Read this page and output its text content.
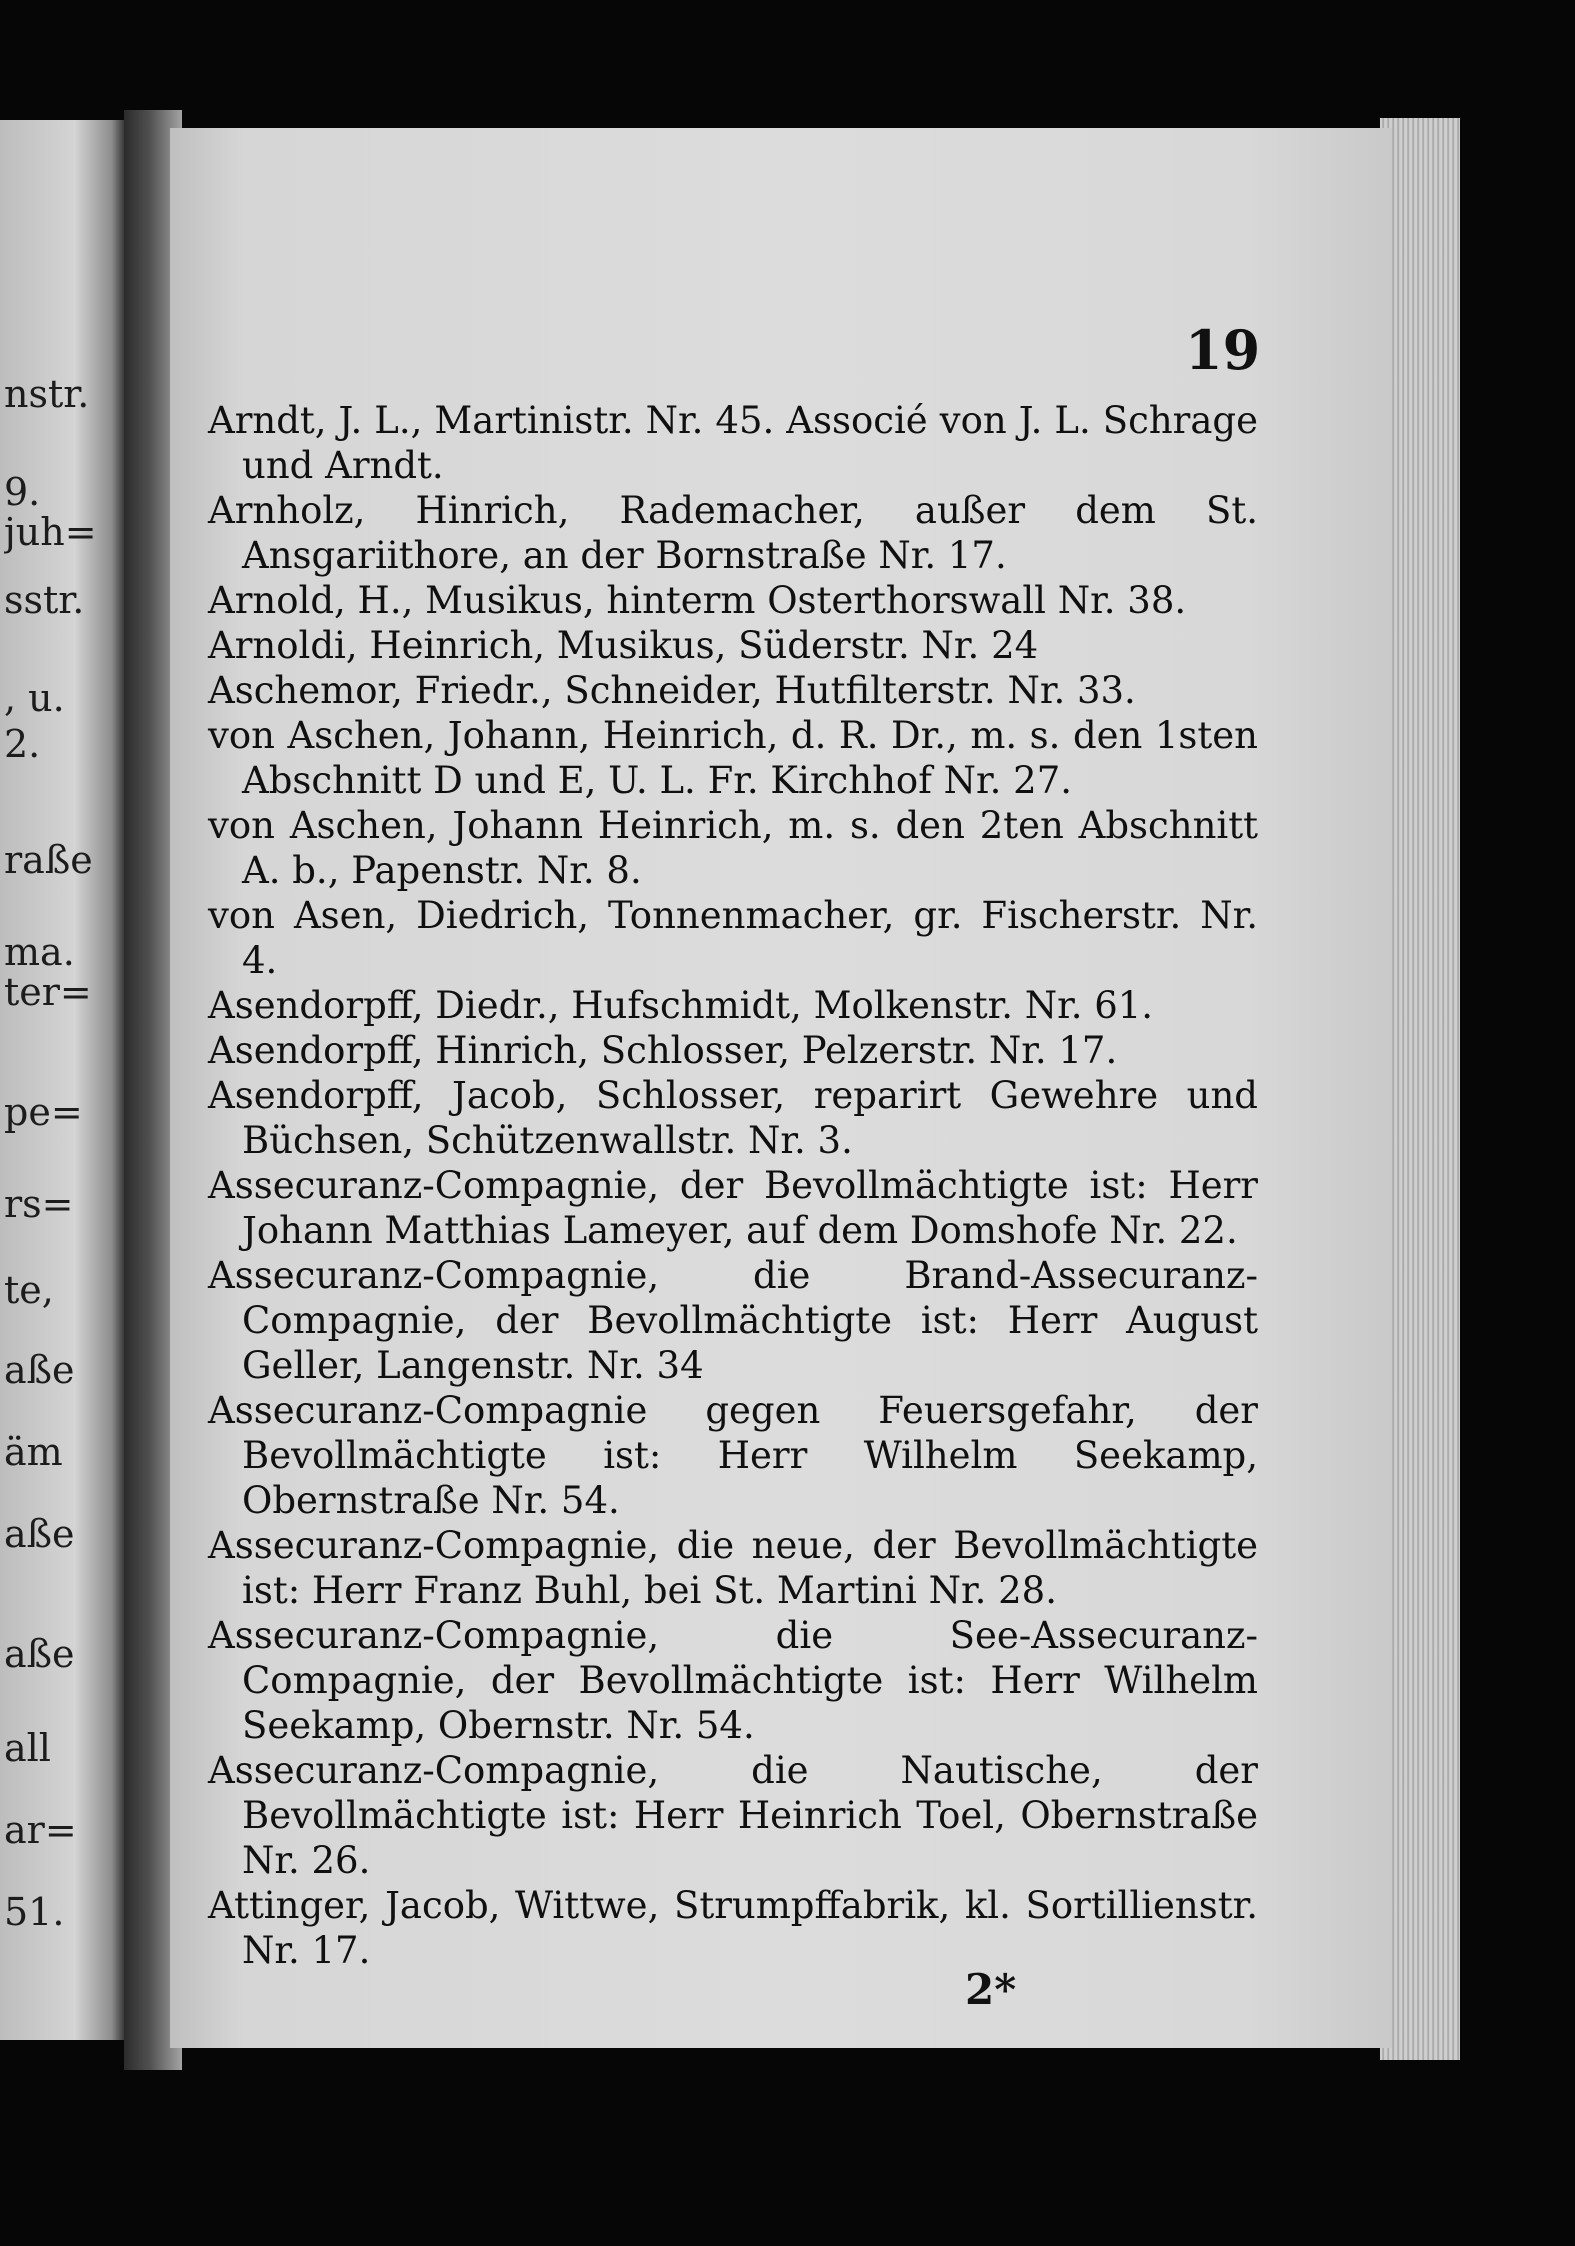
nstr.
9.
juh=
sstr.
, u.
2.
raße
ma.
ter=
pe=
rs=
te,
aße
äm
aße
aße
all
ar=
51.

19

Arndt, J. L., Martinistr. Nr. 45. Associé von J. L. Schrage und Arndt.

Arnholz, Hinrich, Rademacher, außer dem St. Ansgariithore, an der Bornstraße Nr. 17.

Arnold, H., Musikus, hinterm Osterthorswall Nr. 38.

Arnoldi, Heinrich, Musikus, Süderstr. Nr. 24

Aschemor, Friedr., Schneider, Hutfilterstr. Nr. 33.

von Aschen, Johann, Heinrich, d. R. Dr., m. s. den 1sten Abschnitt D und E, U. L. Fr. Kirchhof Nr. 27.

von Aschen, Johann Heinrich, m. s. den 2ten Abschnitt A. b., Papenstr. Nr. 8.

von Asen, Diedrich, Tonnenmacher, gr. Fischerstr. Nr. 4.

Asendorpff, Diedr., Hufschmidt, Molkenstr. Nr. 61.

Asendorpff, Hinrich, Schlosser, Pelzerstr. Nr. 17.

Asendorpff, Jacob, Schlosser, reparirt Gewehre und Büchsen, Schützenwallstr. Nr. 3.

Assecuranz-Compagnie, der Bevollmächtigte ist: Herr Johann Matthias Lameyer, auf dem Domshofe Nr. 22.

Assecuranz-Compagnie, die Brand-Assecuranz-Compagnie, der Bevollmächtigte ist: Herr August Geller, Langenstr. Nr. 34

Assecuranz-Compagnie gegen Feuersgefahr, der Bevollmächtigte ist: Herr Wilhelm Seekamp, Obernstraße Nr. 54.

Assecuranz-Compagnie, die neue, der Bevollmächtigte ist: Herr Franz Buhl, bei St. Martini Nr. 28.

Assecuranz-Compagnie, die See-Assecuranz-Compagnie, der Bevollmächtigte ist: Herr Wilhelm Seekamp, Obernstr. Nr. 54.

Assecuranz-Compagnie, die Nautische, der Bevollmächtigte ist: Herr Heinrich Toel, Obernstraße Nr. 26.

Attinger, Jacob, Wittwe, Strumpffabrik, kl. Sortillienstr. Nr. 17.

2*
